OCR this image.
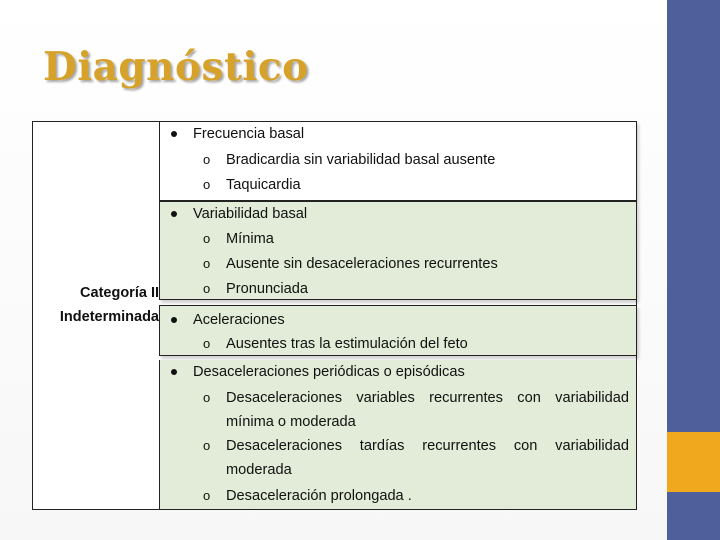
Diagnóstico
Categoría II
Indeterminada
Frecuencia basal
o Bradicardia sin variabilidad basal ausente
o Taquicardia
Variabilidad basal
o Mínima
o Ausente sin desaceleraciones recurrentes
o Pronunciada
Aceleraciones
o Ausentes tras la estimulación del feto
Desaceleraciones periódicas o episódicas
o Desaceleraciones variables recurrentes con variabilidad
mínima o moderada
o Desaceleraciones tardías recurrentes con variabilidad
moderada
o Desaceleración prolongada .
